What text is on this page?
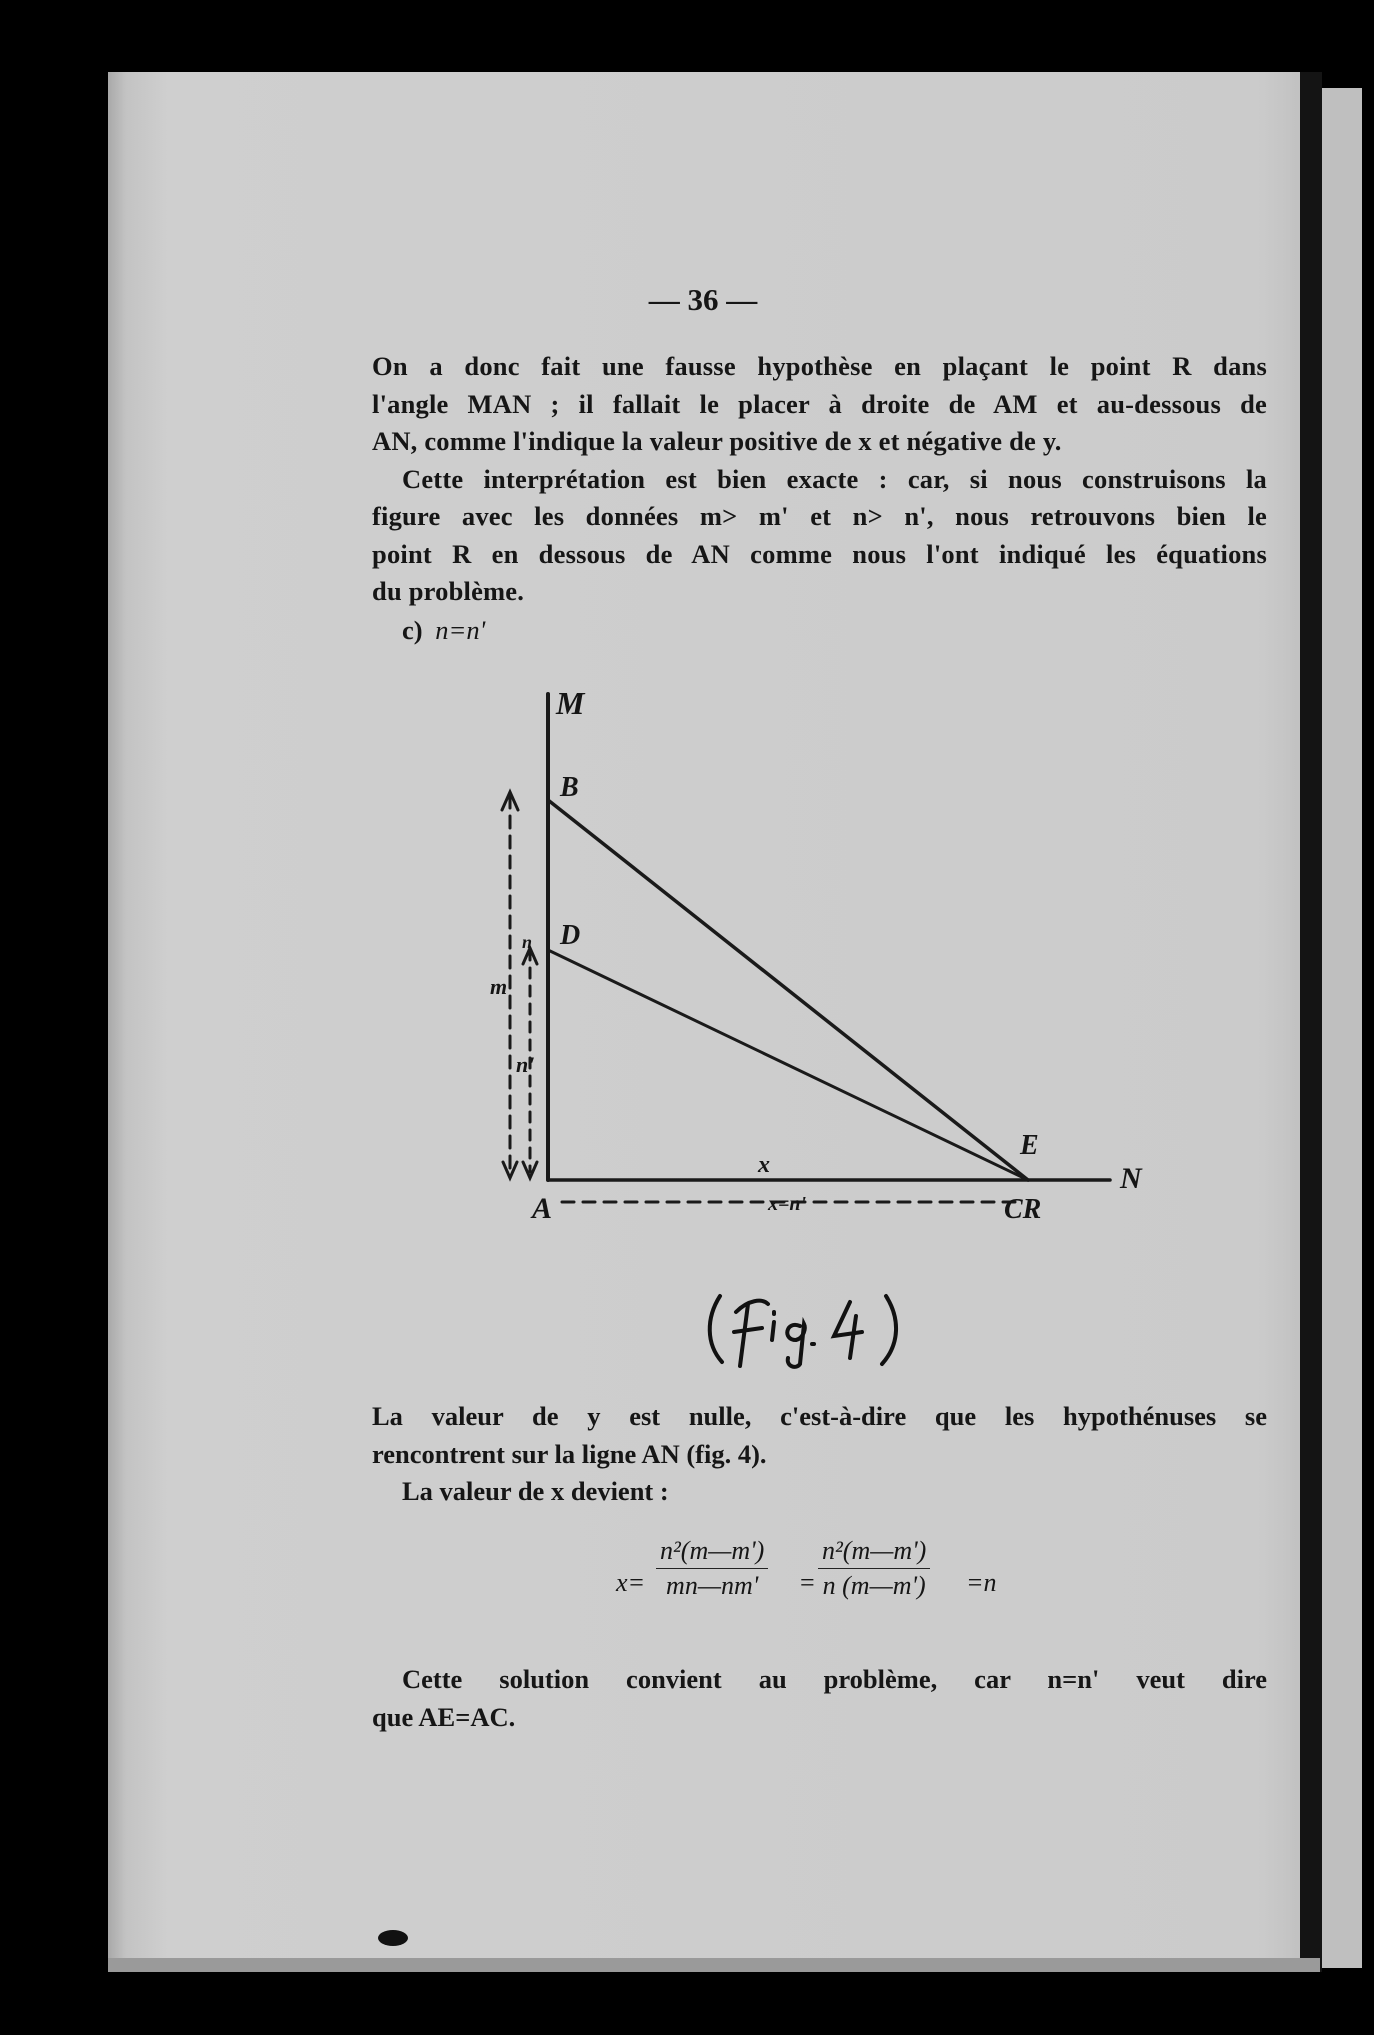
— 36 —

On a donc fait une fausse hypothèse en plaçant le point R dans

l'angle MAN ; il fallait le placer à droite de AM et au-dessous de

AN, comme l'indique la valeur positive de x et négative de y.

Cette interprétation est bien exacte : car, si nous construisons la

figure avec les données m> m' et n> n', nous retrouvons bien le

point R en dessous de AN comme nous l'ont indiqué les équations

du problème.

c) n=n'
M
B
D
E
N
A	CR
x
x=n'
m
n
n'

La valeur de y est nulle, c'est-à-dire que les hypothénuses se

rencontrent sur la ligne AN (fig. 4).

La valeur de x devient :

$x= \frac{\text{n²(m—m')}}{mn—nm'} = \frac{\text{n²(m—m')}}{n (m—m')} =n$

Cette solution convient au problème, car n=n' veut dire

que AE=AC.
